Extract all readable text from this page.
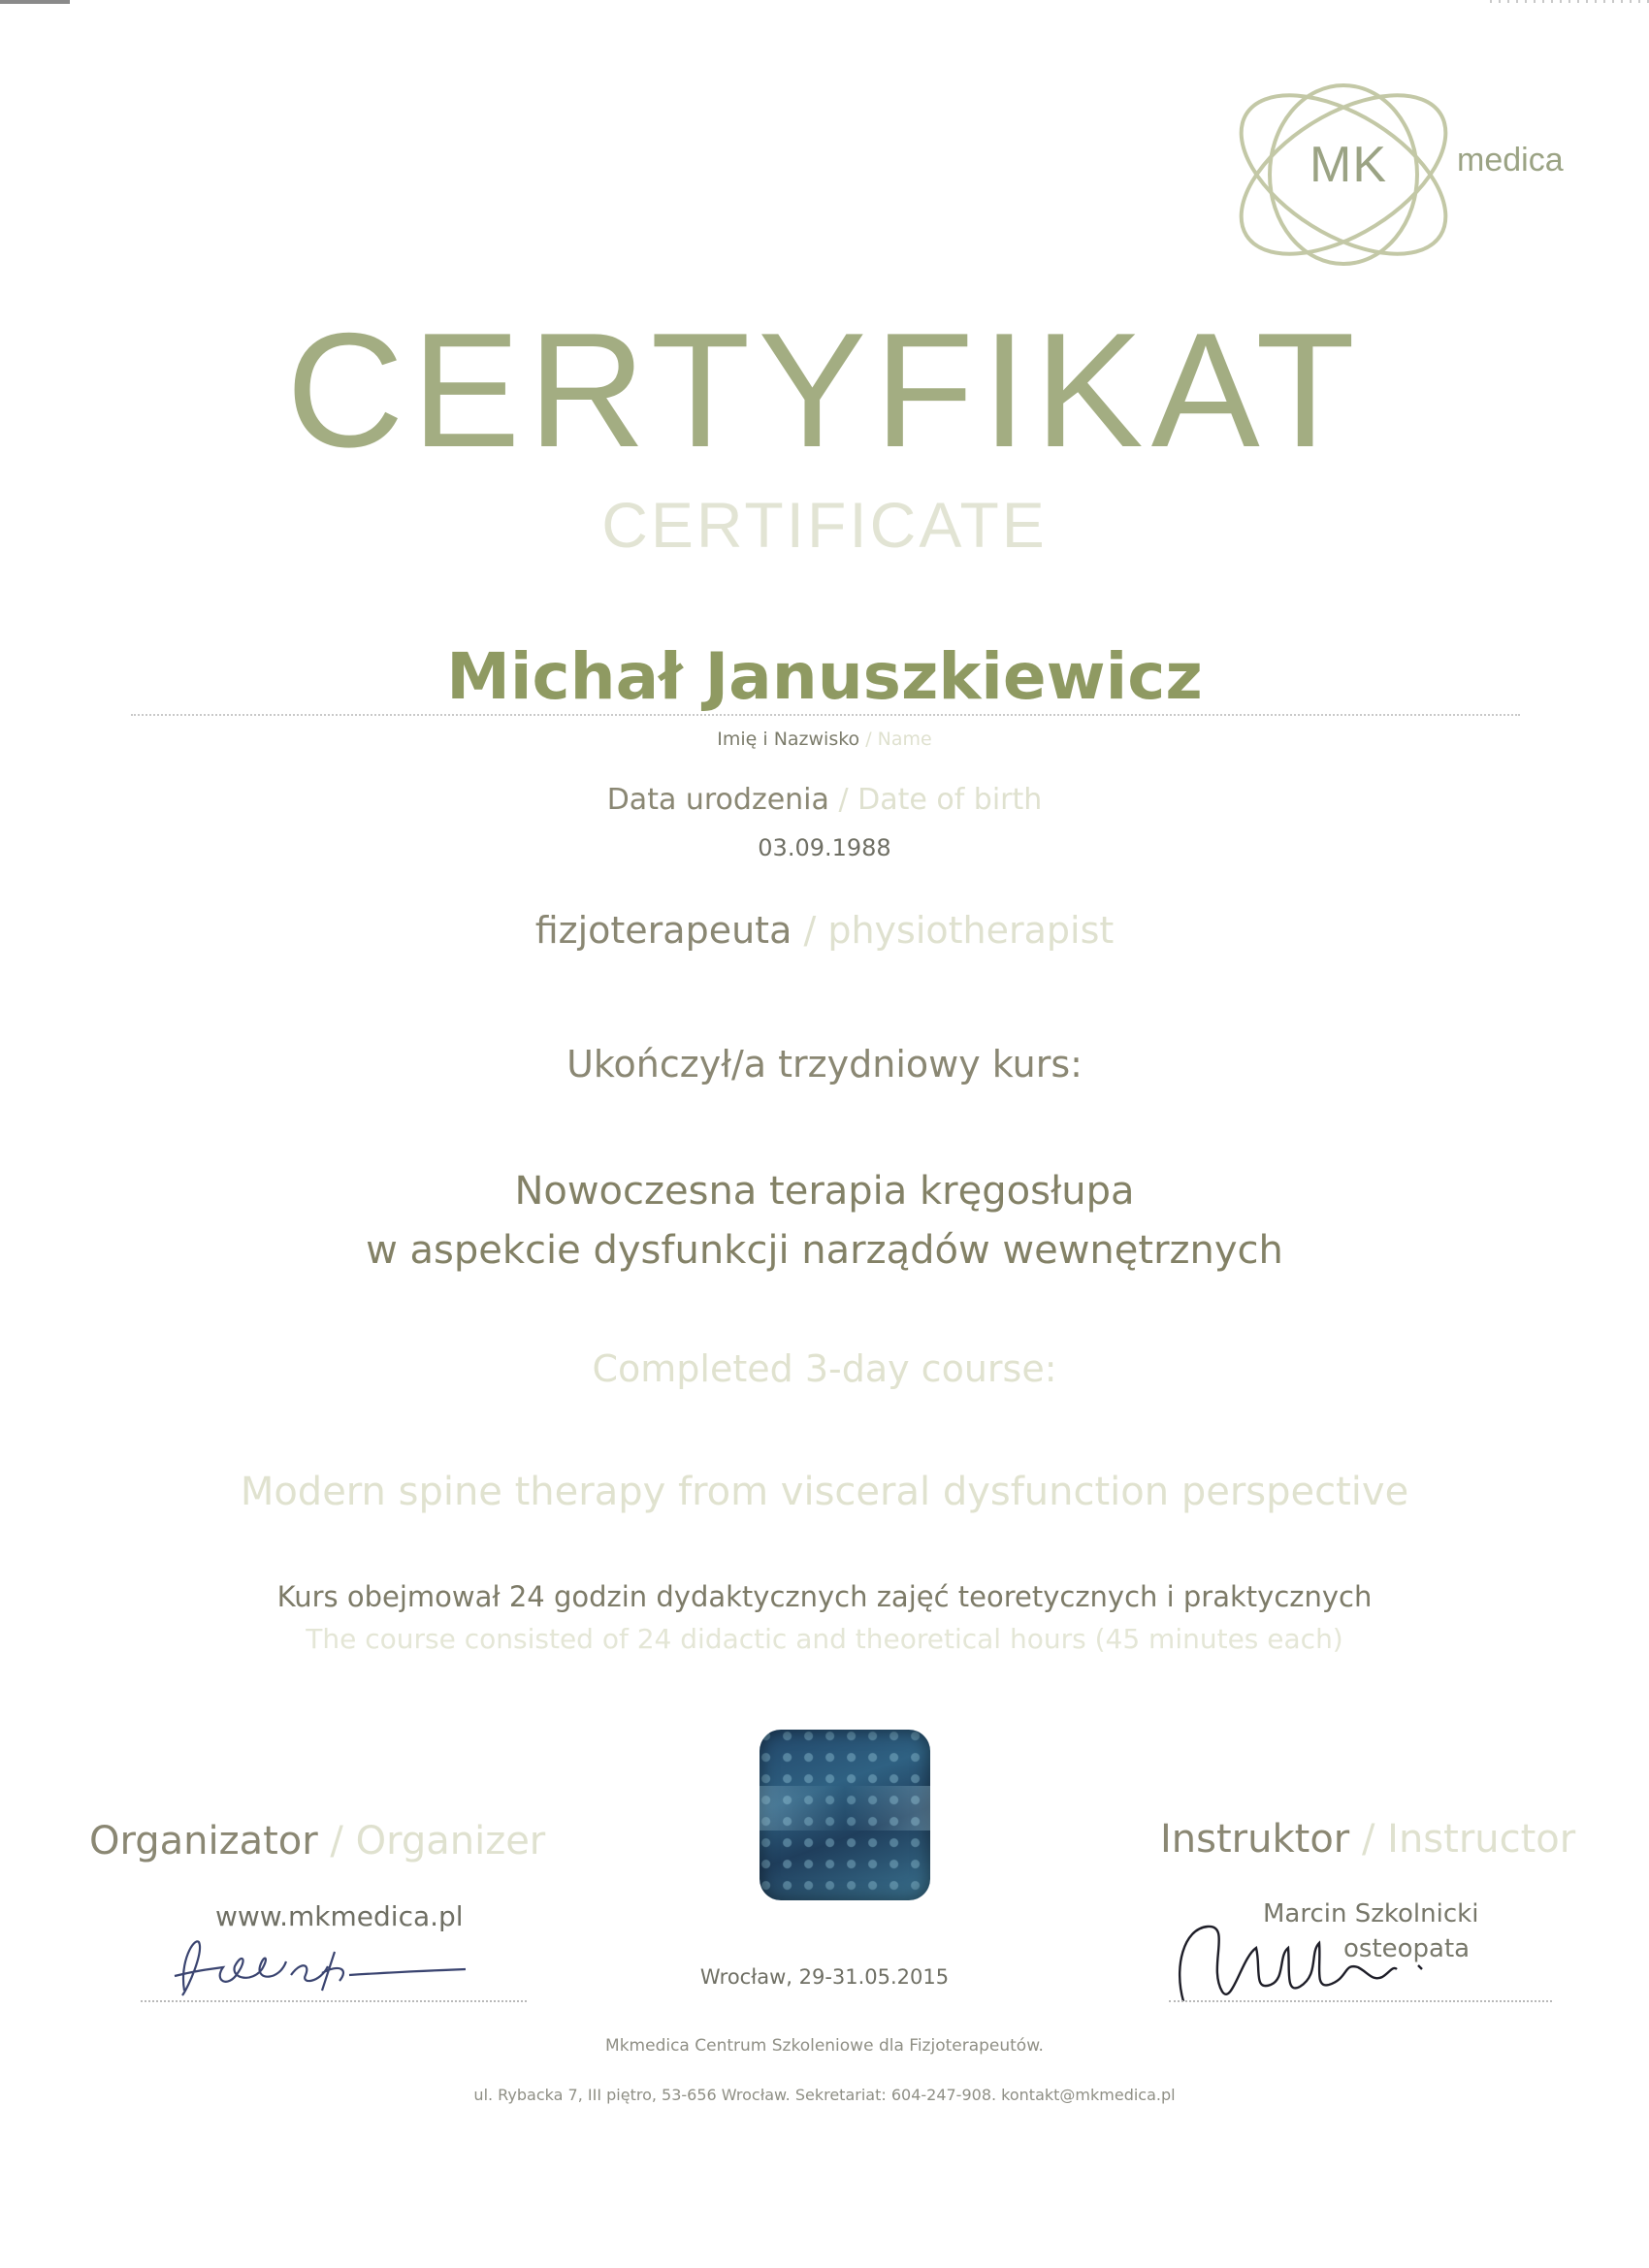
MK medica
CERTYFIKAT
CERTIFICATE
Michał Januszkiewicz
Imię i Nazwisko / Name
Data urodzenia / Date of birth
03.09.1988
fizjoterapeuta / physiotherapist
Ukończył/a trzydniowy kurs:
Nowoczesna terapia kręgosłupa
w aspekcie dysfunkcji narządów wewnętrznych
Completed 3-day course:
Modern spine therapy from visceral dysfunction perspective
Kurs obejmował 24 godzin dydaktycznych zajęć teoretycznych i praktycznych
The course consisted of 24 didactic and theoretical hours (45 minutes each)
Organizator / Organizer	Instruktor / Instructor
www.mkmedica.pl	Marcin Szkolnicki
osteopata
Wrocław, 29-31.05.2015
Mkmedica Centrum Szkoleniowe dla Fizjoterapeutów.
ul. Rybacka 7, III piętro, 53-656 Wrocław. Sekretariat: 604-247-908. kontakt@mkmedica.pl
